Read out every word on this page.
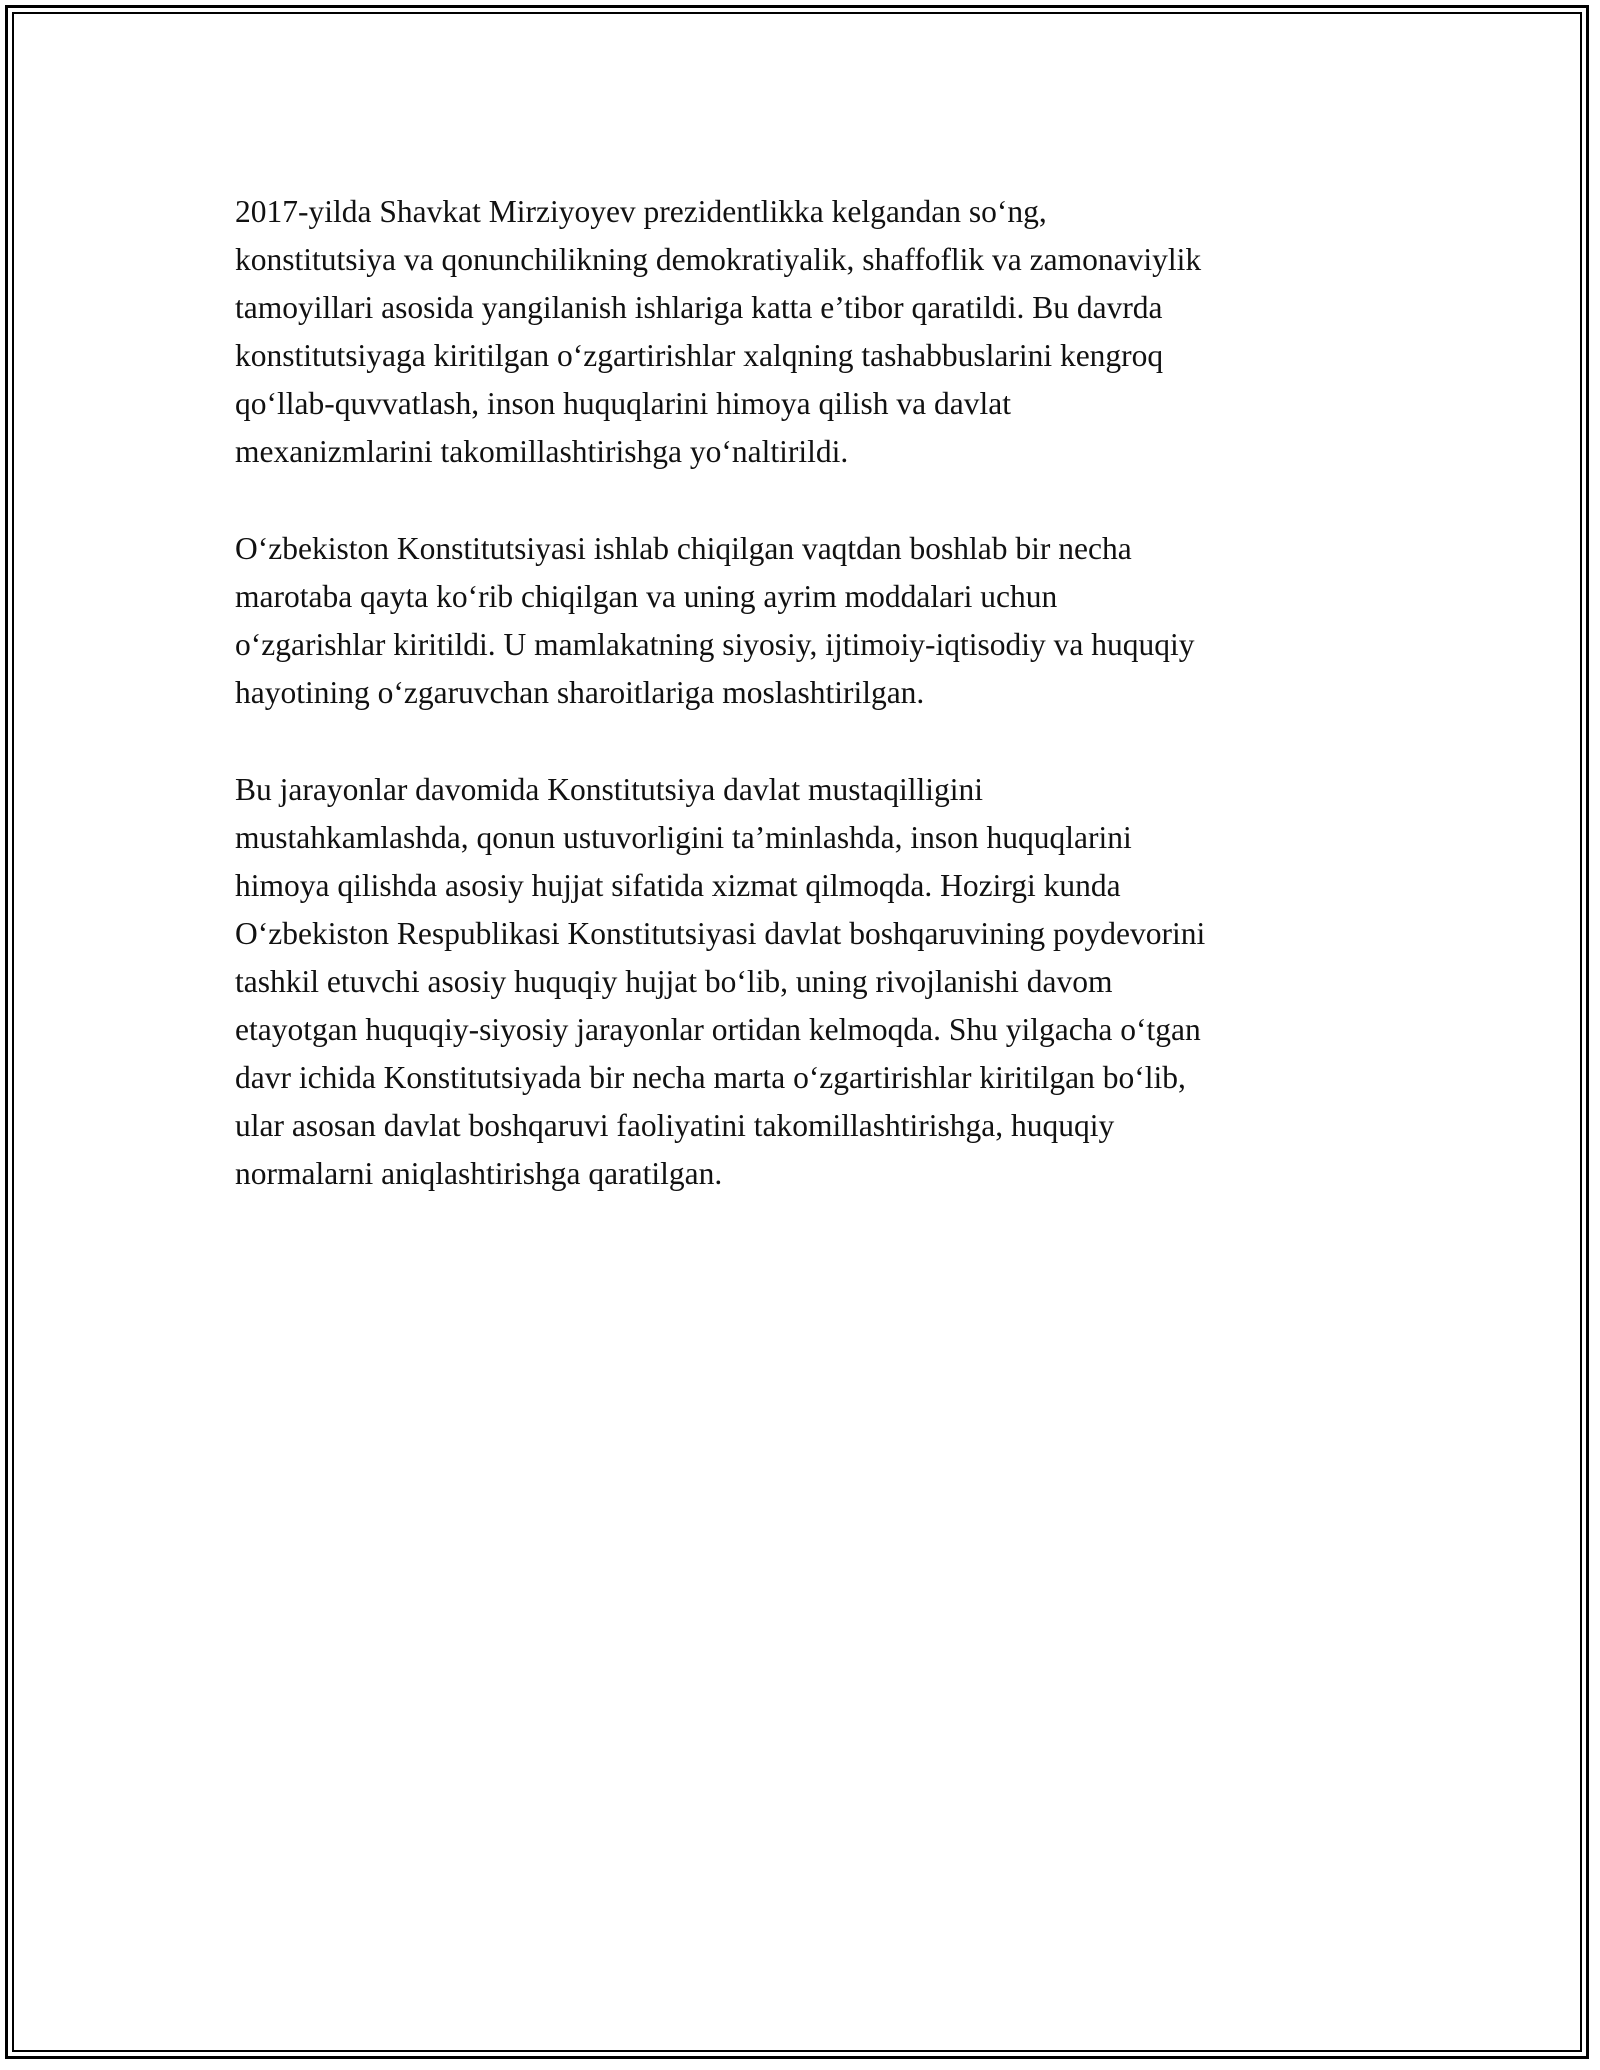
2017-yilda Shavkat Mirziyoyev prezidentlikka kelgandan so‘ng,
konstitutsiya va qonunchilikning demokratiyalik, shaffoflik va zamonaviylik
tamoyillari asosida yangilanish ishlariga katta e’tibor qaratildi. Bu davrda
konstitutsiyaga kiritilgan o‘zgartirishlar xalqning tashabbuslarini kengroq
qo‘llab-quvvatlash, inson huquqlarini himoya qilish va davlat
mexanizmlarini takomillashtirishga yo‘naltirildi.

O‘zbekiston Konstitutsiyasi ishlab chiqilgan vaqtdan boshlab bir necha
marotaba qayta ko‘rib chiqilgan va uning ayrim moddalari uchun
o‘zgarishlar kiritildi. U mamlakatning siyosiy, ijtimoiy-iqtisodiy va huquqiy
hayotining o‘zgaruvchan sharoitlariga moslashtirilgan.

Bu jarayonlar davomida Konstitutsiya davlat mustaqilligini
mustahkamlashda, qonun ustuvorligini ta’minlashda, inson huquqlarini
himoya qilishda asosiy hujjat sifatida xizmat qilmoqda. Hozirgi kunda
O‘zbekiston Respublikasi Konstitutsiyasi davlat boshqaruvining poydevorini
tashkil etuvchi asosiy huquqiy hujjat bo‘lib, uning rivojlanishi davom
etayotgan huquqiy-siyosiy jarayonlar ortidan kelmoqda. Shu yilgacha o‘tgan
davr ichida Konstitutsiyada bir necha marta o‘zgartirishlar kiritilgan bo‘lib,
ular asosan davlat boshqaruvi faoliyatini takomillashtirishga, huquqiy
normalarni aniqlashtirishga qaratilgan.
